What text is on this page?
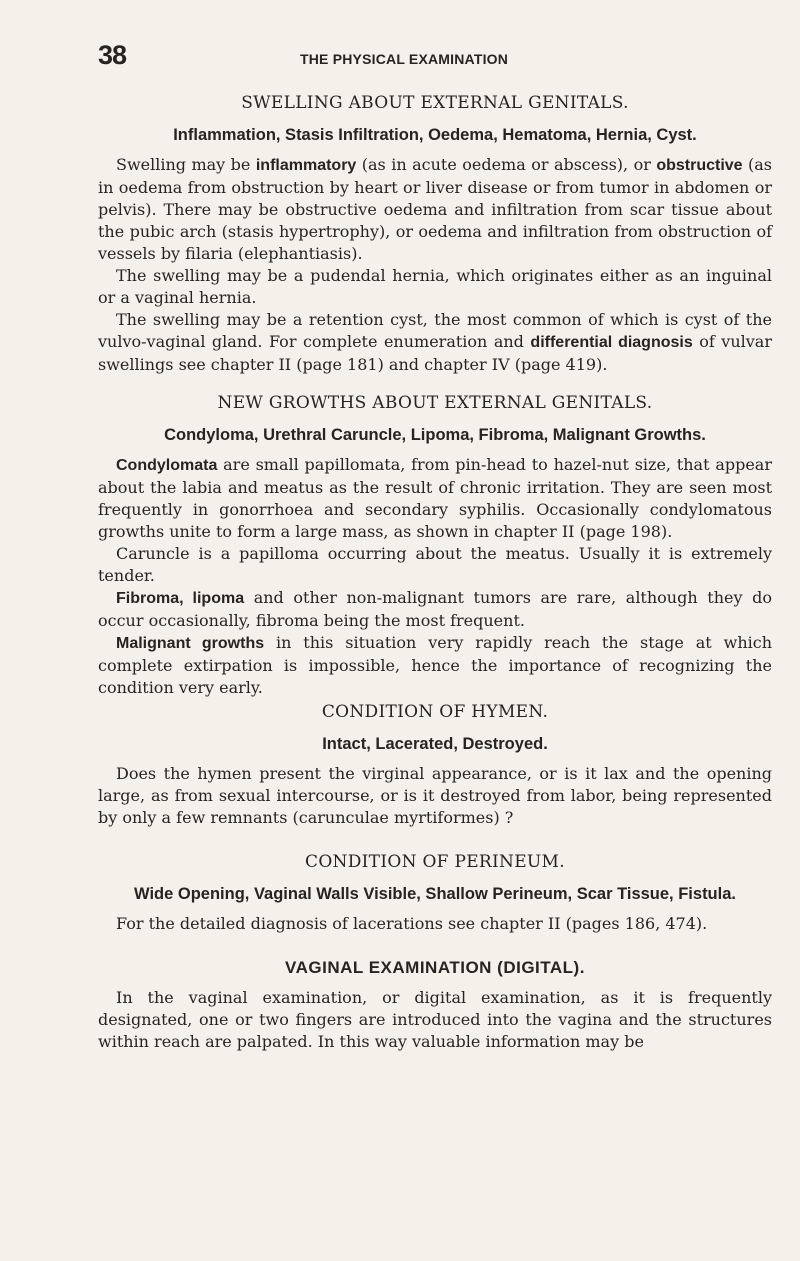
38	THE PHYSICAL EXAMINATION
SWELLING ABOUT EXTERNAL GENITALS.
Inflammation, Stasis Infiltration, Oedema, Hematoma, Hernia, Cyst.

Swelling may be inflammatory (as in acute oedema or abscess), or obstructive (as in oedema from obstruction by heart or liver disease or from tumor in abdomen or pelvis). There may be obstructive oedema and infiltration from scar tissue about the pubic arch (stasis hypertrophy), or oedema and infiltration from obstruction of vessels by filaria (elephantiasis).

The swelling may be a pudendal hernia, which originates either as an inguinal or a vaginal hernia.

The swelling may be a retention cyst, the most common of which is cyst of the vulvo-vaginal gland. For complete enumeration and differential diagnosis of vulvar swellings see chapter II (page 181) and chapter IV (page 419).

NEW GROWTHS ABOUT EXTERNAL GENITALS.
Condyloma, Urethral Caruncle, Lipoma, Fibroma, Malignant Growths.

Condylomata are small papillomata, from pin-head to hazel-nut size, that appear about the labia and meatus as the result of chronic irritation. They are seen most frequently in gonorrhoea and secondary syphilis. Occasionally condylomatous growths unite to form a large mass, as shown in chapter II (page 198).

Caruncle is a papilloma occurring about the meatus. Usually it is extremely tender.

Fibroma, lipoma and other non-malignant tumors are rare, although they do occur occasionally, fibroma being the most frequent.

Malignant growths in this situation very rapidly reach the stage at which complete extirpation is impossible, hence the importance of recognizing the condition very early.

CONDITION OF HYMEN.
Intact, Lacerated, Destroyed.

Does the hymen present the virginal appearance, or is it lax and the opening large, as from sexual intercourse, or is it destroyed from labor, being represented by only a few remnants (carunculae myrtiformes) ?

CONDITION OF PERINEUM.
Wide Opening, Vaginal Walls Visible, Shallow Perineum, Scar Tissue, Fistula.

For the detailed diagnosis of lacerations see chapter II (pages 186, 474).

VAGINAL EXAMINATION (DIGITAL).

In the vaginal examination, or digital examination, as it is frequently designated, one or two fingers are introduced into the vagina and the structures within reach are palpated. In this way valuable information may be
